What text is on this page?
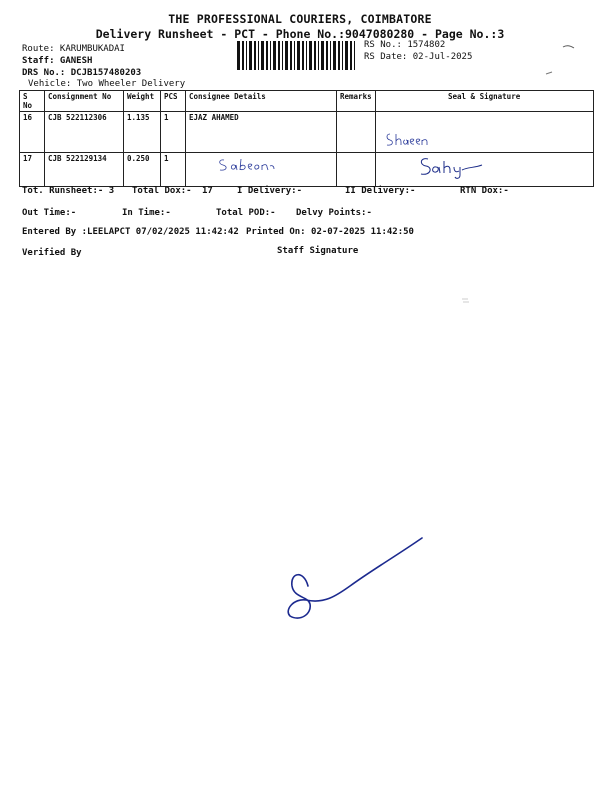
THE PROFESSIONAL COURIERS, COIMBATORE
Delivery Runsheet - PCT - Phone No.:9047080280 - Page No.:3
Route: KARUMBUKADAI
Staff: GANESH
DRS No.: DCJB157480203
Vehicle: Two Wheeler Delivery
RS No.: 1574802
RS Date: 02-Jul-2025
S No	Consignment No	Weight	PCS	Consignee Details	Remarks	Seal & Signature
16	CJB 522112306	1.135	1	EJAZ AHAMED		

17	CJB 522129134	0.250	1	

Tot. Runsheet:- 3 Total Dox:- 17	I Delivery:-	II Delivery:-	RTN Dox:-
Out Time:-	In Time:-	Total POD:- Delvy Points:-
Entered By :LEELAPCT 07/02/2025 11:42:42 Printed On: 02-07-2025 11:42:50
Verified By	Staff Signature
